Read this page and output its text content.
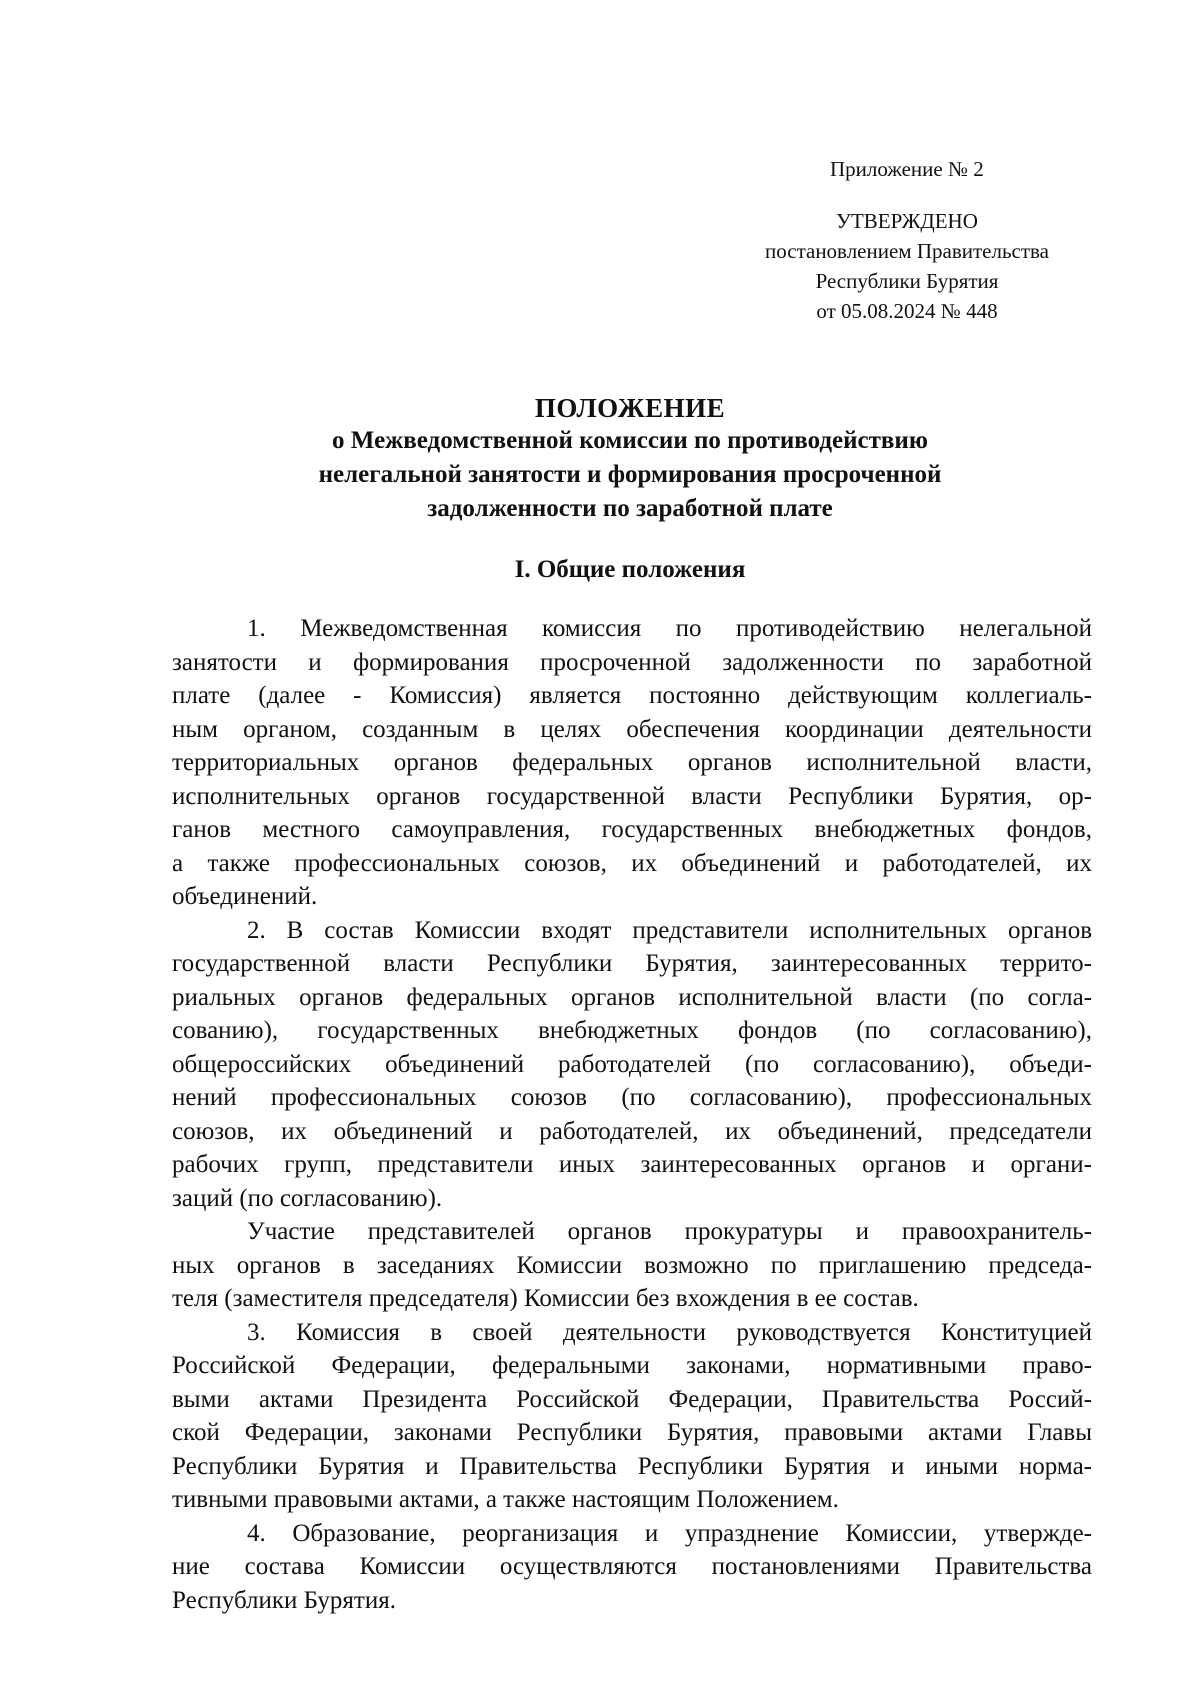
Приложение № 2
УТВЕРЖДЕНО
постановлением Правительства
Республики Бурятия
от 05.08.2024 № 448
ПОЛОЖЕНИЕ
о Межведомственной комиссии по противодействию
нелегальной занятости и формирования просроченной
задолженности по заработной плате
I. Общие положения
1. Межведомственная комиссия по противодействию нелегальной
занятости и формирования просроченной задолженности по заработной
плате (далее - Комиссия) является постоянно действующим коллегиаль-
ным органом, созданным в целях обеспечения координации деятельности
территориальных органов федеральных органов исполнительной власти,
исполнительных органов государственной власти Республики Бурятия, ор-
ганов местного самоуправления, государственных внебюджетных фондов,
а также профессиональных союзов, их объединений и работодателей, их
объединений.
2. В состав Комиссии входят представители исполнительных органов
государственной власти Республики Бурятия, заинтересованных террито-
риальных органов федеральных органов исполнительной власти (по согла-
сованию), государственных внебюджетных фондов (по согласованию),
общероссийских объединений работодателей (по согласованию), объеди-
нений профессиональных союзов (по согласованию), профессиональных
союзов, их объединений и работодателей, их объединений, председатели
рабочих групп, представители иных заинтересованных органов и органи-
заций (по согласованию).
Участие представителей органов прокуратуры и правоохранитель-
ных органов в заседаниях Комиссии возможно по приглашению председа-
теля (заместителя председателя) Комиссии без вхождения в ее состав.
3. Комиссия в своей деятельности руководствуется Конституцией
Российской Федерации, федеральными законами, нормативными право-
выми актами Президента Российской Федерации, Правительства Россий-
ской Федерации, законами Республики Бурятия, правовыми актами Главы
Республики Бурятия и Правительства Республики Бурятия и иными норма-
тивными правовыми актами, а также настоящим Положением.
4. Образование, реорганизация и упразднение Комиссии, утвержде-
ние состава Комиссии осуществляются постановлениями Правительства
Республики Бурятия.
